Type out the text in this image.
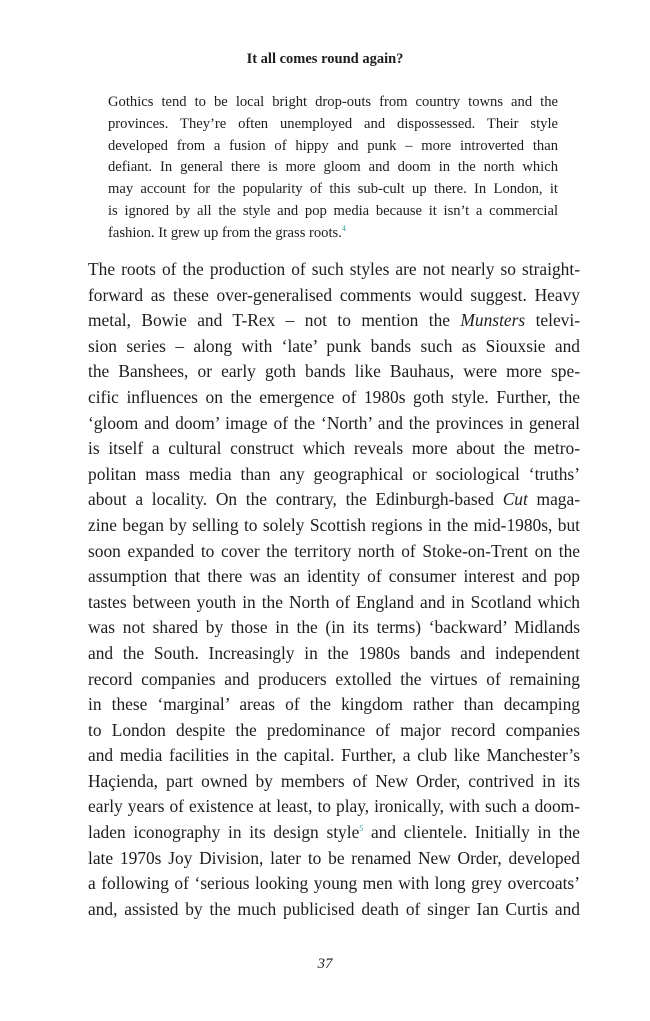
It all comes round again?
Gothics tend to be local bright drop-outs from country towns and the
provinces. They’re often unemployed and dispossessed. Their style
developed from a fusion of hippy and punk – more introverted than
defiant. In general there is more gloom and doom in the north which
may account for the popularity of this sub-cult up there. In London, it
is ignored by all the style and pop media because it isn’t a commercial
fashion. It grew up from the grass roots.$^4$
The roots of the production of such styles are not nearly so straight-
forward as these over-generalised comments would suggest. Heavy
metal, Bowie and T-Rex – not to mention the Munsters televi-
sion series – along with ‘late’ punk bands such as Siouxsie and
the Banshees, or early goth bands like Bauhaus, were more spe-
cific influences on the emergence of 1980s goth style. Further, the
‘gloom and doom’ image of the ‘North’ and the provinces in general
is itself a cultural construct which reveals more about the metro-
politan mass media than any geographical or sociological ‘truths’
about a locality. On the contrary, the Edinburgh-based Cut maga-
zine began by selling to solely Scottish regions in the mid-1980s, but
soon expanded to cover the territory north of Stoke-on-Trent on the
assumption that there was an identity of consumer interest and pop
tastes between youth in the North of England and in Scotland which
was not shared by those in the (in its terms) ‘backward’ Midlands
and the South. Increasingly in the 1980s bands and independent
record companies and producers extolled the virtues of remaining
in these ‘marginal’ areas of the kingdom rather than decamping
to London despite the predominance of major record companies
and media facilities in the capital. Further, a club like Manchester’s
Haçienda, part owned by members of New Order, contrived in its
early years of existence at least, to play, ironically, with such a doom-
laden iconography in its design style$^5$ and clientele. Initially in the
late 1970s Joy Division, later to be renamed New Order, developed
a following of ‘serious looking young men with long grey overcoats’
and, assisted by the much publicised death of singer Ian Curtis and
37
